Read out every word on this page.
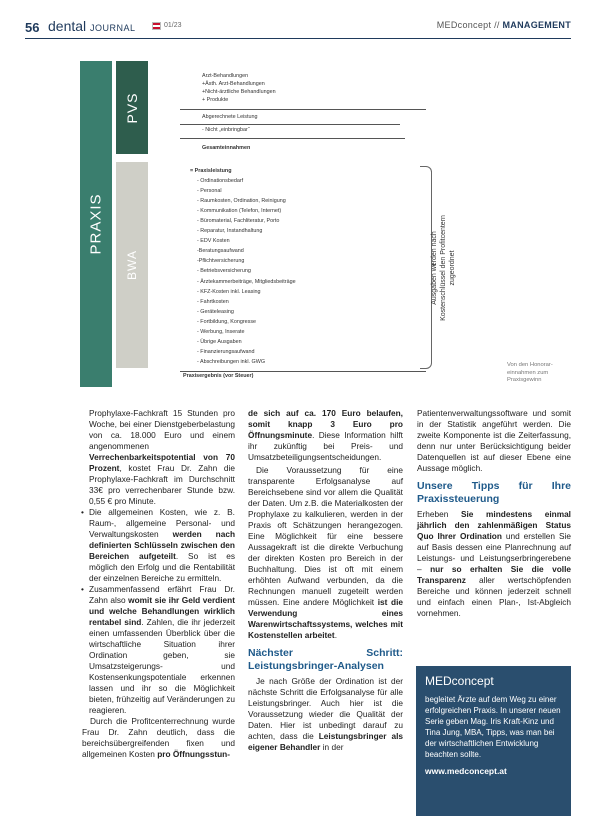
56 dental JOURNAL	01/23	MEDconcept // MANAGEMENT
PRAXIS
PVS
BWA
Arzt-Behandlungen
+Ästh. Arzt-Behandlungen
+Nicht-ärztliche Behandlungen
+ Produkte
Abgerechnete Leistung
- Nicht „einbringbar“
Gesamteinnahmen
= Praxisleistung
- Ordinationsbedarf
- Personal
- Raumkosten, Ordination, Reinigung
- Kommunikation (Telefon, Internet)
- Büromaterial, Fachliteratur, Porto
- Reparatur, Instandhaltung
- EDV Kosten
-Beratungsaufwand
-Pflichtversicherung
- Betriebsversicherung
- Ärztekammerbeiträge, Mitgliedsbeiträge
- KFZ-Kosten inkl. Leasing
- Fahrtkosten
- Geräteleasing
- Fortbildung, Kongresse
- Werbung, Inserate
- Übrige Ausgaben
- Finanzierungsaufwand
- Abschreibungen inkl. GWG
Praxisergebnis (vor Steuer)
Ausgaben werden nach Kostenschlüssel den Profitcentern zugeordnet
Von den Honorar-einnahmen zum Praxisgewinn

Prophylaxe-Fachkraft 15 Stunden pro Woche, bei einer Dienstgeberbelastung von ca. 18.000 Euro und einem angenommenen Verrechenbarkeitspotential von 70 Prozent, kostet Frau Dr. Zahn die Prophylaxe-Fachkraft im Durchschnitt 33€ pro verrechenbarer Stunde bzw. 0,55 € pro Minute.

• Die allgemeinen Kosten, wie z. B. Raum-, allgemeine Personal- und Verwaltungskosten werden nach definierten Schlüsseln zwischen den Bereichen aufgeteilt. So ist es möglich den Erfolg und die Rentabilität der einzelnen Bereiche zu ermitteln.

• Zusammenfassend erfährt Frau Dr. Zahn also womit sie ihr Geld verdient und welche Behandlungen wirklich rentabel sind. Zahlen, die ihr jederzeit einen umfassenden Überblick über die wirtschaftliche Situation ihrer Ordination geben, sie Umsatzsteigerungs- und Kostensenkungspotentiale erkennen lassen und ihr so die Möglichkeit bieten, frühzeitig auf Veränderungen zu reagieren.

Durch die Profitcenterrechnung wurde Frau Dr. Zahn deutlich, dass die bereichsübergreifenden fixen und allgemeinen Kosten pro Öffnungsstun-

de sich auf ca. 170 Euro belaufen, somit knapp 3 Euro pro Öffnungsminute. Diese Information hilft ihr zukünftig bei Preis- und Umsatzbeteiligungsentscheidungen.

Die Voraussetzung für eine transparente Erfolgsanalyse auf Bereichsebene sind vor allem die Qualität der Daten. Um z.B. die Materialkosten der Prophylaxe zu kalkulieren, werden in der Praxis oft Schätzungen herangezogen. Eine Möglichkeit für eine bessere Aussagekraft ist die direkte Verbuchung der direkten Kosten pro Bereich in der Buchhaltung. Dies ist oft mit einem erhöhten Aufwand verbunden, da die Rechnungen manuell zugeteilt werden müssen. Eine andere Möglichkeit ist die Verwendung eines Warenwirtschaftssystems, welches mit Kostenstellen arbeitet.

Nächster Schritt: Leistungsbringer-Analysen

Je nach Größe der Ordination ist der nächste Schritt die Erfolgsanalyse für alle Leistungsbringer. Auch hier ist die Voraussetzung wieder die Qualität der Daten. Hier ist unbedingt darauf zu achten, dass die Leistungsbringer als eigener Behandler in der

Patientenverwaltungssoftware und somit in der Statistik angeführt werden. Die zweite Komponente ist die Zeiterfassung, denn nur unter Berücksichtigung beider Datenquellen ist auf dieser Ebene eine Aussage möglich.

Unsere Tipps für Ihre Praxissteuerung

Erheben Sie mindestens einmal jährlich den zahlenmäßigen Status Quo Ihrer Ordination und erstellen Sie auf Basis dessen eine Planrechnung auf Leistungs- und Leistungserbringerebene – nur so erhalten Sie die volle Transparenz aller wertschöpfenden Bereiche und können jederzeit schnell und einfach einen Plan-, Ist-Abgleich vornehmen.

MEDconcept
begleitet Ärzte auf dem Weg zu einer erfolgreichen Praxis. In unserer neuen Serie geben Mag. Iris Kraft-Kinz und Tina Jung, MBA, Tipps, was man bei der wirtschaftlichen Entwicklung beachten sollte.
www.medconcept.at
